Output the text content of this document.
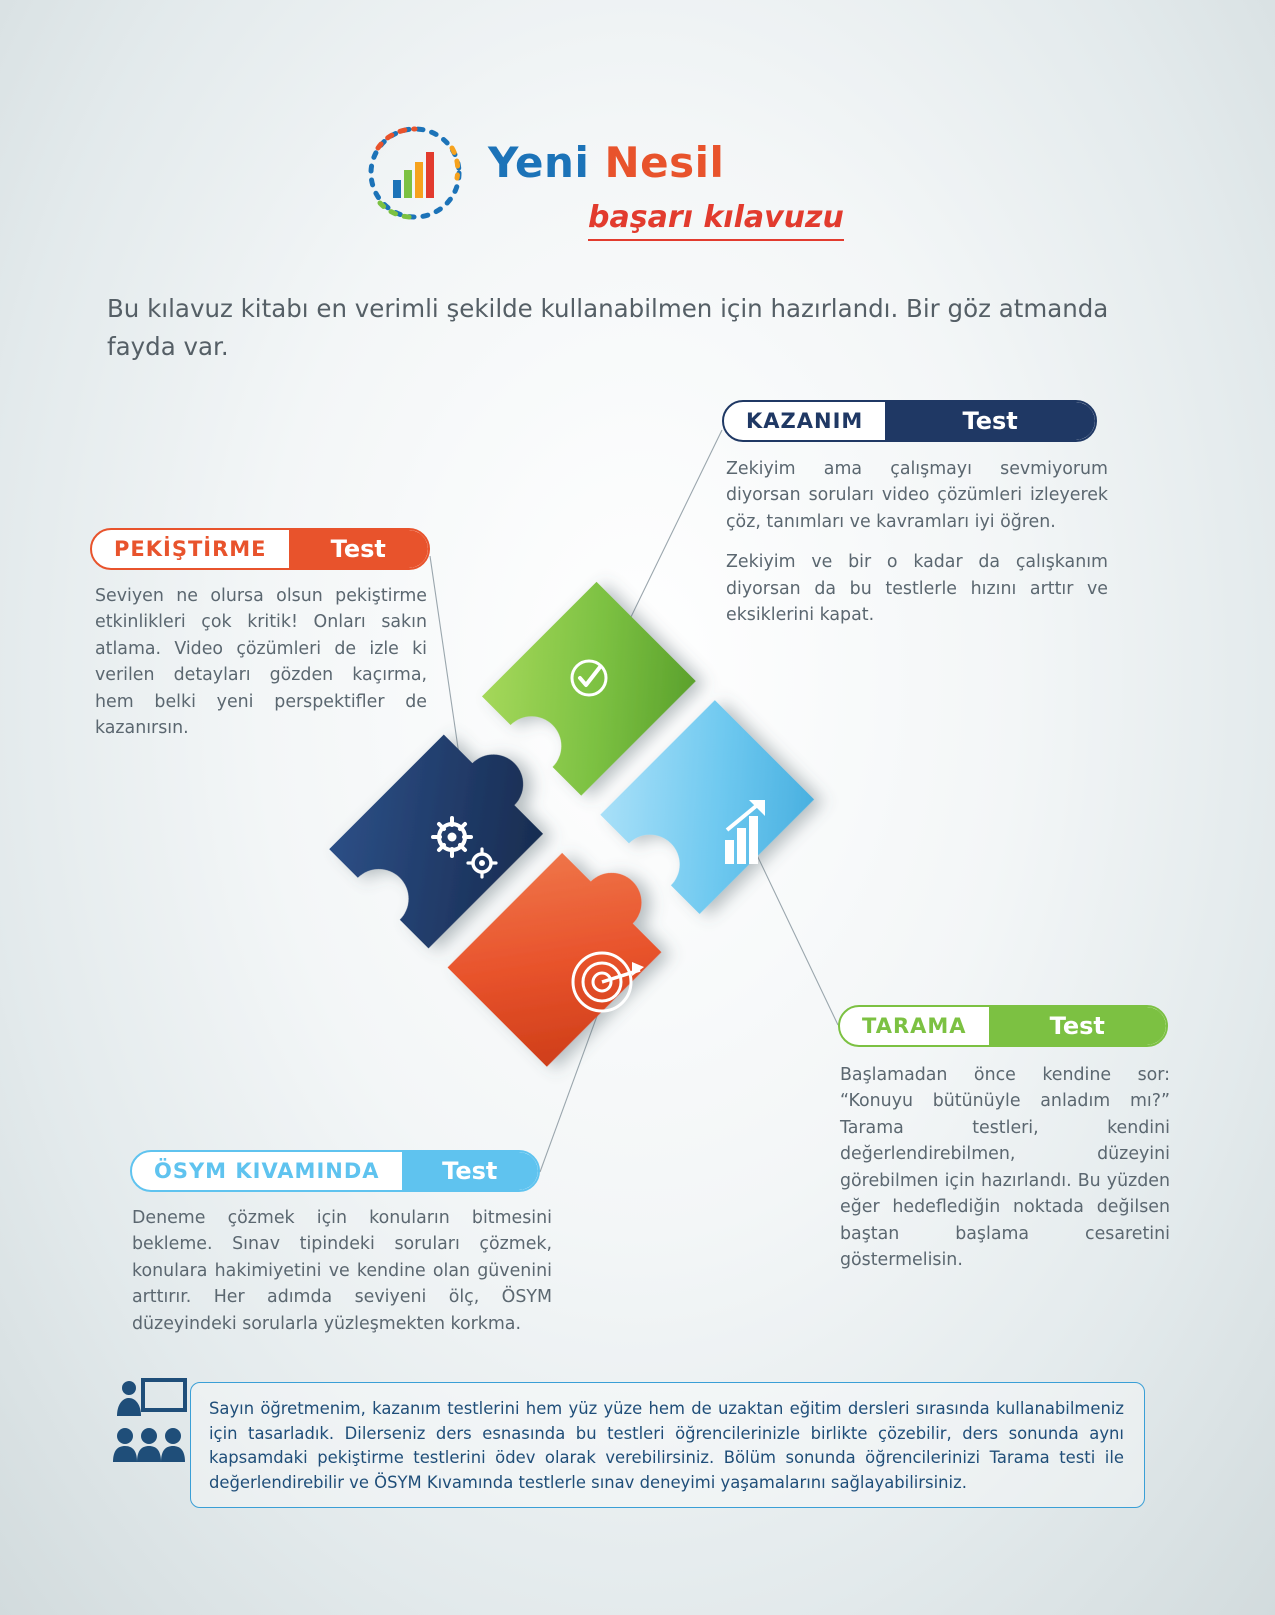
Yeni Nesil
başarı kılavuzu
Bu kılavuz kitabı en verimli şekilde kullanabilmen için hazırlandı. Bir göz atmanda fayda var.
KAZANIM	Test

Zekiyim ama çalışmayı sevmiyorum diyorsan soruları video çözümleri izleyerek çöz, tanımları ve kavramları iyi öğren.

Zekiyim ve bir o kadar da çalışkanım diyorsan da bu testlerle hızını arttır ve eksiklerini kapat.

PEKİŞTİRME	Test

Seviyen ne olursa olsun pekiştirme etkinlikleri çok kritik! Onları sakın atlama. Video çözümleri de izle ki verilen detayları gözden kaçırma, hem belki yeni perspektifler de kazanırsın.

TARAMA	Test

Başlamadan önce kendine sor: “Konuyu bütünüyle anladım mı?” Tarama testleri, kendini değerlendirebilmen, düzeyini görebilmen için hazırlandı. Bu yüzden eğer hedeflediğin noktada değilsen baştan başlama cesaretini göstermelisin.

ÖSYM KIVAMINDA	Test

Deneme çözmek için konuların bitmesini bekleme. Sınav tipindeki soruları çözmek, konulara hakimiyetini ve kendine olan güvenini arttırır. Her adımda seviyeni ölç, ÖSYM düzeyindeki sorularla yüzleşmekten korkma.

Sayın öğretmenim, kazanım testlerini hem yüz yüze hem de uzaktan eğitim dersleri sırasında kullanabilmeniz için tasarladık. Dilerseniz ders esnasında bu testleri öğrencilerinizle birlikte çözebilir, ders sonunda aynı kapsamdaki pekiştirme testlerini ödev olarak verebilirsiniz. Bölüm sonunda öğrencilerinizi Tarama testi ile değerlendirebilir ve ÖSYM Kıvamında testlerle sınav deneyimi yaşamalarını sağlayabilirsiniz.
